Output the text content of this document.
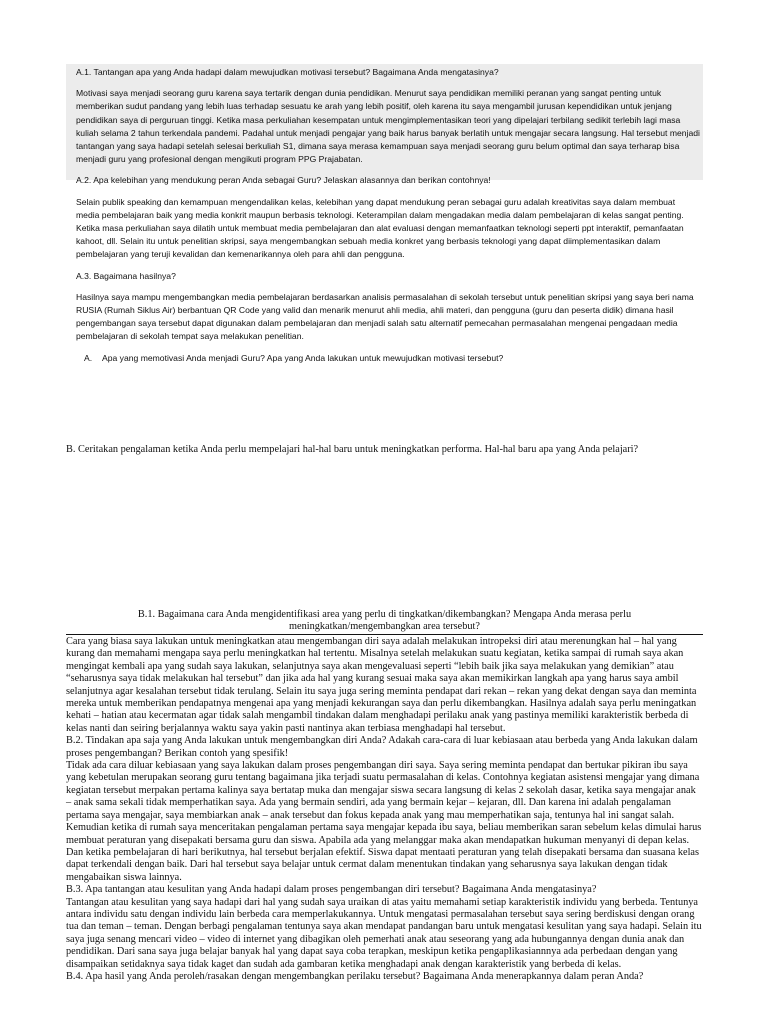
A.1. Tantangan apa yang Anda hadapi dalam mewujudkan motivasi tersebut? Bagaimana Anda mengatasinya?

Motivasi saya menjadi seorang guru karena saya tertarik dengan dunia pendidikan. Menurut saya pendidikan memiliki peranan yang sangat penting untuk memberikan sudut pandang yang lebih luas terhadap sesuatu ke arah yang lebih positif, oleh karena itu saya mengambil jurusan kependidikan untuk jenjang pendidikan saya di perguruan tinggi. Ketika masa perkuliahan kesempatan untuk mengimplementasikan teori yang dipelajari terbilang sedikit terlebih lagi masa kuliah selama 2 tahun terkendala pandemi. Padahal untuk menjadi pengajar yang baik harus banyak berlatih untuk mengajar secara langsung. Hal tersebut menjadi tantangan yang saya hadapi setelah selesai berkuliah S1, dimana saya merasa kemampuan saya menjadi seorang guru belum optimal dan saya terharap bisa menjadi guru yang profesional dengan mengikuti program PPG Prajabatan.

A.2. Apa kelebihan yang mendukung peran Anda sebagai Guru? Jelaskan alasannya dan berikan contohnya!

Selain publik speaking dan kemampuan mengendalikan kelas, kelebihan yang dapat mendukung peran sebagai guru adalah kreativitas saya dalam membuat media pembelajaran baik yang media konkrit maupun berbasis teknologi. Keterampilan dalam mengadakan media dalam pembelajaran di kelas sangat penting. Ketika masa perkuliahan saya dilatih untuk membuat media pembelajaran dan alat evaluasi dengan memanfaatkan teknologi seperti ppt interaktif, pemanfaatan kahoot, dll. Selain itu untuk penelitian skripsi, saya mengembangkan sebuah media konkret yang berbasis teknologi yang dapat diimplementasikan dalam pembelajaran yang teruji kevalidan dan kemenarikannya oleh para ahli dan pengguna.

A.3. Bagaimana hasilnya?

Hasilnya saya mampu mengembangkan media pembelajaran berdasarkan analisis permasalahan di sekolah tersebut untuk penelitian skripsi yang saya beri nama RUSIA (Rumah Siklus Air) berbantuan QR Code yang valid dan menarik menurut ahli media, ahli materi, dan pengguna (guru dan peserta didik) dimana hasil pengembangan saya tersebut dapat digunakan dalam pembelajaran dan menjadi salah satu alternatif pemecahan permasalahan mengenai pengadaan media pembelajaran di sekolah tempat saya melakukan penelitian.

A. Apa yang memotivasi Anda menjadi Guru? Apa yang Anda lakukan untuk mewujudkan motivasi tersebut?

B. Ceritakan pengalaman ketika Anda perlu mempelajari hal-hal baru untuk meningkatkan performa. Hal-hal baru apa yang Anda pelajari?

B.1. Bagaimana cara Anda mengidentifikasi area yang perlu di tingkatkan/dikembangkan? Mengapa Anda merasa perlu

meningkatkan/mengembangkan area tersebut?

Cara yang biasa saya lakukan untuk meningkatkan atau mengembangan diri saya adalah melakukan intropeksi diri atau merenungkan hal – hal yang kurang dan memahami mengapa saya perlu meningkatkan hal tertentu. Misalnya setelah melakukan suatu kegiatan, ketika sampai di rumah saya akan mengingat kembali apa yang sudah saya lakukan, selanjutnya saya akan mengevaluasi seperti “lebih baik jika saya melakukan yang demikian” atau “seharusnya saya tidak melakukan hal tersebut” dan jika ada hal yang kurang sesuai maka saya akan memikirkan langkah apa yang harus saya ambil selanjutnya agar kesalahan tersebut tidak terulang. Selain itu saya juga sering meminta pendapat dari rekan – rekan yang dekat dengan saya dan meminta mereka untuk memberikan pendapatnya mengenai apa yang menjadi kekurangan saya dan perlu dikembangkan. Hasilnya adalah saya perlu meningatkan kehati – hatian atau kecermatan agar tidak salah mengambil tindakan dalam menghadapi perilaku anak yang pastinya memiliki karakteristik berbeda di kelas nanti dan seiring berjalannya waktu saya yakin pasti nantinya akan terbiasa menghadapi hal tersebut.

B.2. Tindakan apa saja yang Anda lakukan untuk mengembangkan diri Anda? Adakah cara-cara di luar kebiasaan atau berbeda yang Anda lakukan dalam proses pengembangan? Berikan contoh yang spesifik!

Tidak ada cara diluar kebiasaan yang saya lakukan dalam proses pengembangan diri saya. Saya sering meminta pendapat dan bertukar pikiran ibu saya yang kebetulan merupakan seorang guru tentang bagaimana jika terjadi suatu permasalahan di kelas. Contohnya kegiatan asistensi mengajar yang dimana kegiatan tersebut merpakan pertama kalinya saya bertatap muka dan mengajar siswa secara langsung di kelas 2 sekolah dasar, ketika saya mengajar anak – anak sama sekali tidak memperhatikan saya. Ada yang bermain sendiri, ada yang bermain kejar – kejaran, dll. Dan karena ini adalah pengalaman pertama saya mengajar, saya membiarkan anak – anak tersebut dan fokus kepada anak yang mau memperhatikan saja, tentunya hal ini sangat salah. Kemudian ketika di rumah saya menceritakan pengalaman pertama saya mengajar kepada ibu saya, beliau memberikan saran sebelum kelas dimulai harus membuat peraturan yang disepakati bersama guru dan siswa. Apabila ada yang melanggar maka akan mendapatkan hukuman menyanyi di depan kelas. Dan ketika pembelajaran di hari berikutnya, hal tersebut berjalan efektif. Siswa dapat mentaati peraturan yang telah disepakati bersama dan suasana kelas dapat terkendali dengan baik. Dari hal tersebut saya belajar untuk cermat dalam menentukan tindakan yang seharusnya saya lakukan dengan tidak mengabaikan siswa lainnya.

B.3. Apa tantangan atau kesulitan yang Anda hadapi dalam proses pengembangan diri tersebut? Bagaimana Anda mengatasinya?

Tantangan atau kesulitan yang saya hadapi dari hal yang sudah saya uraikan di atas yaitu memahami setiap karakteristik individu yang berbeda. Tentunya antara individu satu dengan individu lain berbeda cara memperlakukannya. Untuk mengatasi permasalahan tersebut saya sering berdiskusi dengan orang tua dan teman – teman. Dengan berbagi pengalaman tentunya saya akan mendapat pandangan baru untuk mengatasi kesulitan yang saya hadapi. Selain itu saya juga senang mencari video – video di internet yang dibagikan oleh pemerhati anak atau seseorang yang ada hubungannya dengan dunia anak dan pendidikan. Dari sana saya juga belajar banyak hal yang dapat saya coba terapkan, meskipun ketika pengaplikasiannnya ada perbedaan dengan yang disampaikan setidaknya saya tidak kaget dan sudah ada gambaran ketika menghadapi anak dengan karakteristik yang berbeda di kelas.

B.4. Apa hasil yang Anda peroleh/rasakan dengan mengembangkan perilaku tersebut? Bagaimana Anda menerapkannya dalam peran Anda?
